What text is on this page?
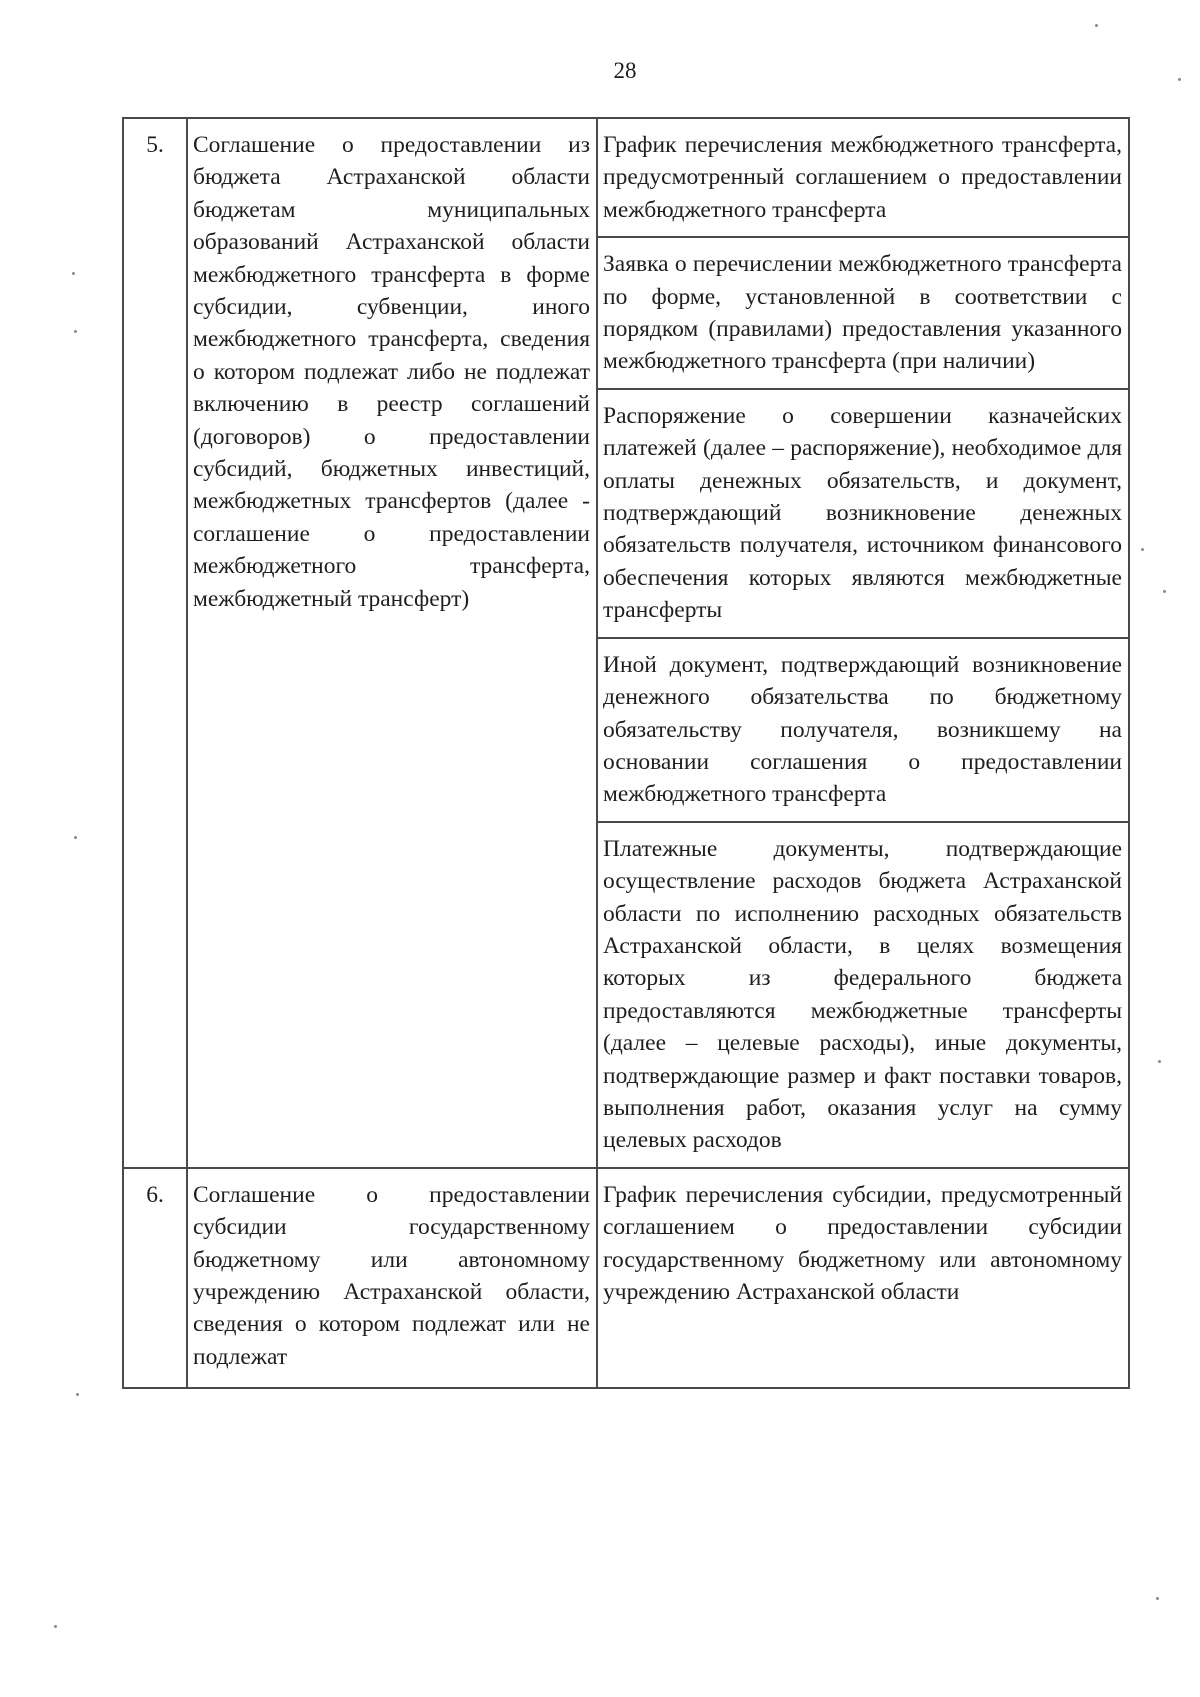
28
5.	Соглашение о предоставлении из бюджета Астраханской области бюджетам муниципальных образований Астраханской области межбюджетного трансферта в форме субсидии, субвенции, иного межбюджетного трансферта, сведения о котором подлежат либо не подлежат включению в реестр соглашений (договоров) о предоставлении субсидий, бюджетных инвестиций, межбюджетных трансфертов (далее - соглашение о предоставлении межбюджетного трансферта, межбюджетный трансферт)	График перечисления межбюджетного трансферта, предусмотренный соглашением о предоставлении межбюджетного трансферта
		Заявка о перечислении межбюджетного трансферта по форме, установленной в соответствии с порядком (правилами) предоставления указанного межбюджетного трансферта (при наличии)
		Распоряжение о совершении казначейских платежей (далее – распоряжение), необходимое для оплаты денежных обязательств, и документ, подтверждающий возникновение денежных обязательств получателя, источником финансового обеспечения которых являются межбюджетные трансферты
		Иной документ, подтверждающий возникновение денежного обязательства по бюджетному обязательству получателя, возникшему на основании соглашения о предоставлении межбюджетного трансферта
		Платежные документы, подтверждающие осуществление расходов бюджета Астраханской области по исполнению расходных обязательств Астраханской области, в целях возмещения которых из федерального бюджета предоставляются межбюджетные трансферты (далее – целевые расходы), иные документы, подтверждающие размер и факт поставки товаров, выполнения работ, оказания услуг на сумму целевых расходов
6.	Соглашение о предоставлении субсидии государственному бюджетному или автономному учреждению Астраханской области, сведения о котором подлежат или не подлежат	График перечисления субсидии, предусмотренный соглашением о предоставлении субсидии государственному бюджетному или автономному учреждению Астраханской области
